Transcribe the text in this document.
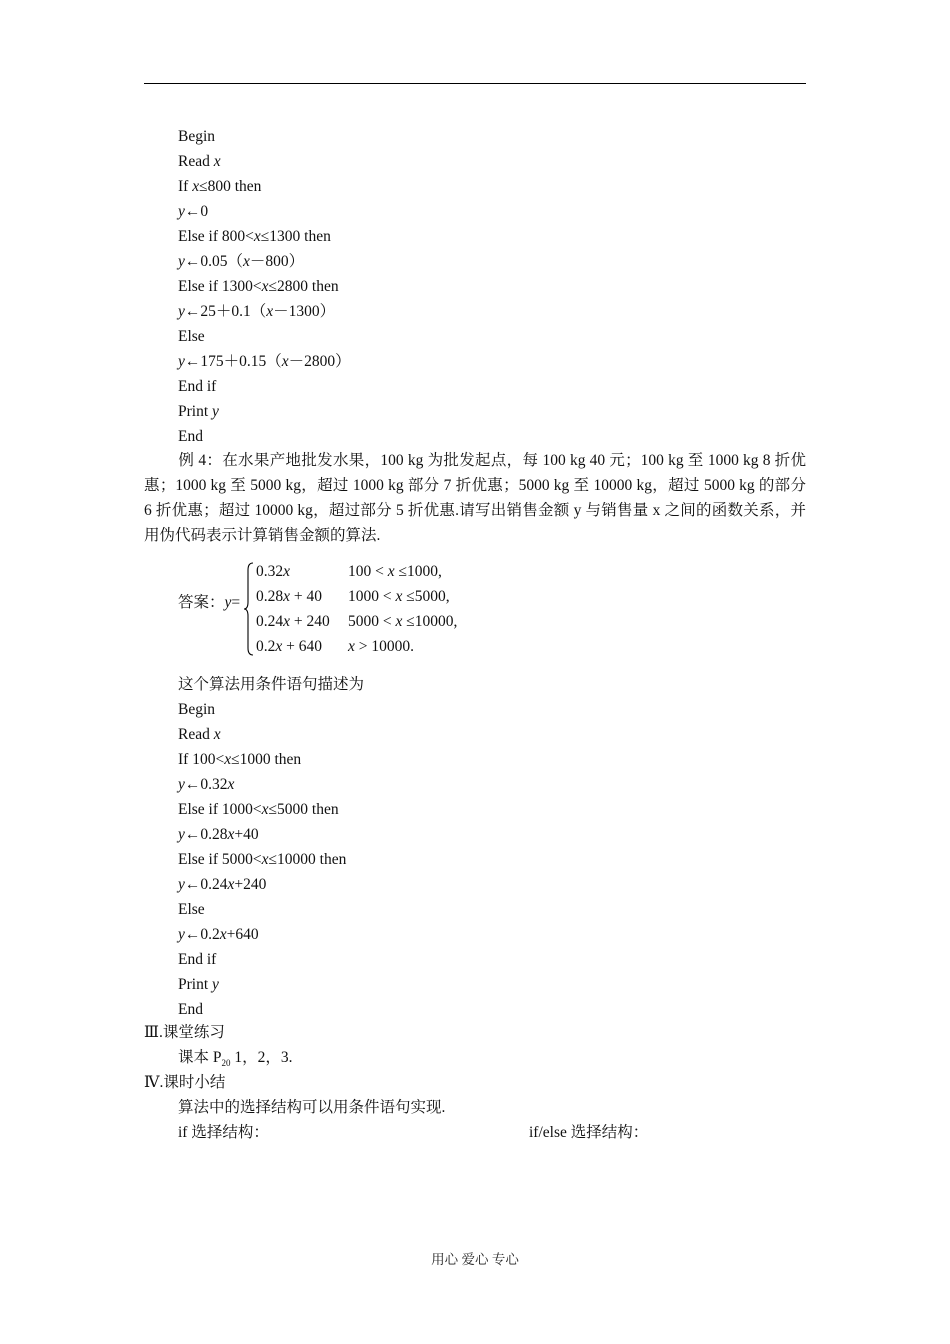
Begin
Read x
If x≤800 then
y←0
Else if 800<x≤1300 then
y←0.05（x－800）
Else if 1300<x≤2800 then
y←25＋0.1（x－1300）
Else
y←175＋0.15（x－2800）
End if
Print y
End
例 4：在水果产地批发水果，100 kg 为批发起点，每 100 kg 40 元；100 kg 至 1000 kg 8 折优惠；1000 kg 至 5000 kg，超过 1000 kg 部分 7 折优惠；5000 kg 至 10000 kg，超过 5000 kg 的部分 6 折优惠；超过 10000 kg，超过部分 5 折优惠.请写出销售金额 y 与销售量 x 之间的函数关系，并用伪代码表示计算销售金额的算法.
答案：y=
0.32x	100 < x ≤1000,
0.28x + 40 1000 < x ≤5000,
0.24x + 240 5000 < x ≤10000,
0.2x + 640 x > 10000.
这个算法用条件语句描述为
Begin
Read x
If 100<x≤1000 then
y←0.32x
Else if 1000<x≤5000 then
y←0.28x+40
Else if 5000<x≤10000 then
y←0.24x+240
Else
y←0.2x+640
End if
Print y
End
Ⅲ.课堂练习
课本 $P_{20}$ 1，2，3.
Ⅳ.课时小结
算法中的选择结构可以用条件语句实现.
if 选择结构：	if/else 选择结构：
用心 爱心 专心
